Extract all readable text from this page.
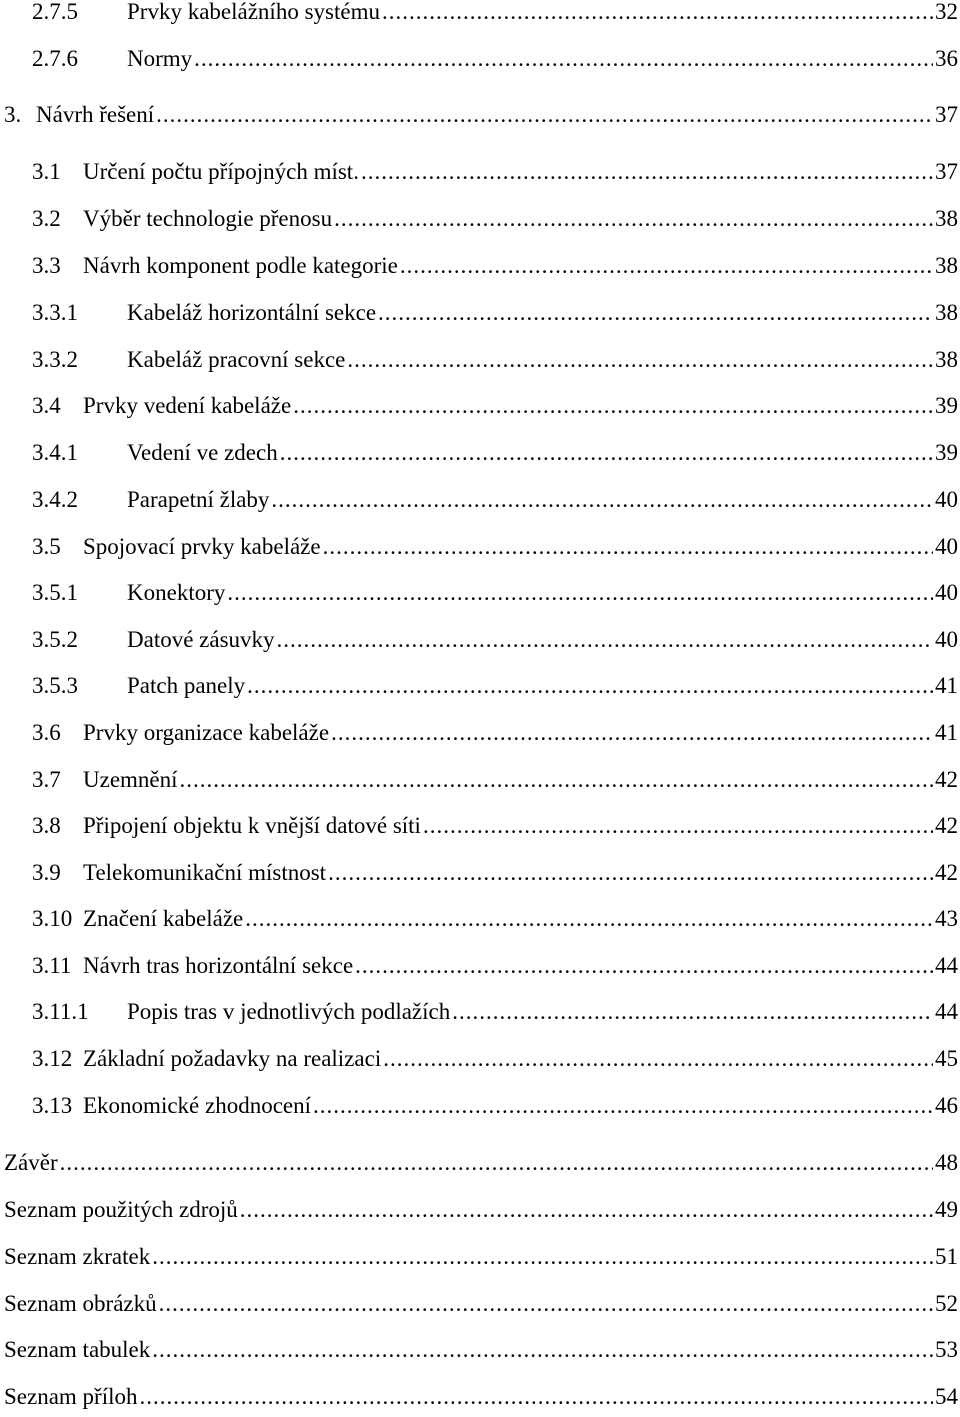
2.7.5	Prvky kabelážního systému .....	32
2.7.6	Normy .....	36
3. Návrh řešení .....	37
3.1 Určení počtu přípojných míst. .....	37
3.2 Výběr technologie přenosu .....	38
3.3 Návrh komponent podle kategorie .....	38
3.3.1	Kabeláž horizontální sekce .....	38
3.3.2	Kabeláž pracovní sekce .....	38
3.4 Prvky vedení kabeláže .....	39
3.4.1	Vedení ve zdech .....	39
3.4.2	Parapetní žlaby .....	40
3.5 Spojovací prvky kabeláže .....	40
3.5.1	Konektory .....	40
3.5.2	Datové zásuvky .....	40
3.5.3	Patch panely .....	41
3.6 Prvky organizace kabeláže .....	41
3.7 Uzemnění .....	42
3.8 Připojení objektu k vnější datové síti .....	42
3.9 Telekomunikační místnost .....	42
3.10 Značení kabeláže .....	43
3.11 Návrh tras horizontální sekce .....	44
3.11.1	Popis tras v jednotlivých podlažích .....	44
3.12 Základní požadavky na realizaci .....	45
3.13 Ekonomické zhodnocení .....	46
Závěr .....	48
Seznam použitých zdrojů .....	49
Seznam zkratek .....	51
Seznam obrázků .....	52
Seznam tabulek .....	53
Seznam příloh .....	54
